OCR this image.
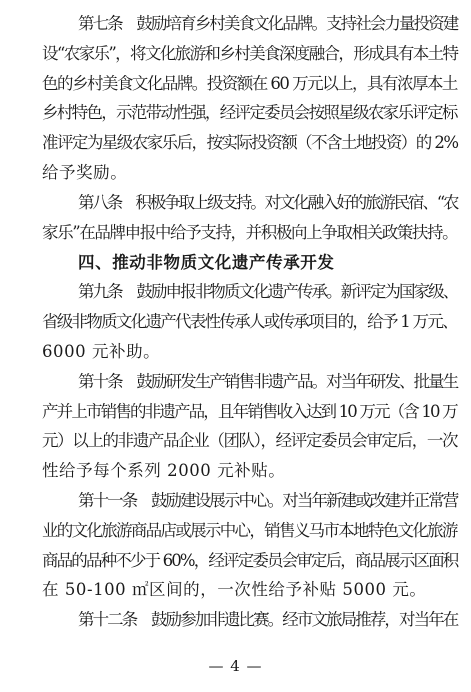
第七条　鼓励培育乡村美食文化品牌。支持社会力量投资建

设“农家乐”，将文化旅游和乡村美食深度融合，形成具有本土特

色的乡村美食文化品牌。投资额在 60 万元以上，具有浓厚本土

乡村特色，示范带动性强，经评定委员会按照星级农家乐评定标

准评定为星级农家乐后，按实际投资额（不含土地投资）的 2%

给予奖励。

第八条　积极争取上级支持。对文化融入好的旅游民宿、“农

家乐”在品牌申报中给予支持，并积极向上争取相关政策扶持。

四、推动非物质文化遗产传承开发

第九条　鼓励申报非物质文化遗产传承。新评定为国家级、

省级非物质文化遗产代表性传承人或传承项目的，给予 1 万元、

6000 元补助。

第十条　鼓励研发生产销售非遗产品。对当年研发、批量生

产并上市销售的非遗产品，且年销售收入达到 10 万元（含 10 万

元）以上的非遗产品企业（团队），经评定委员会审定后，一次

性给予每个系列 2000 元补贴。

第十一条　鼓励建设展示中心。对当年新建或改建并正常营

业的文化旅游商品店或展示中心，销售义马市本地特色文化旅游

商品的品种不少于 60%，经评定委员会审定后，商品展示区面积

在 50-100 ㎡区间的，一次性给予补贴 5000 元。

第十二条　鼓励参加非遗比赛。经市文旅局推荐，对当年在

— 4 —
